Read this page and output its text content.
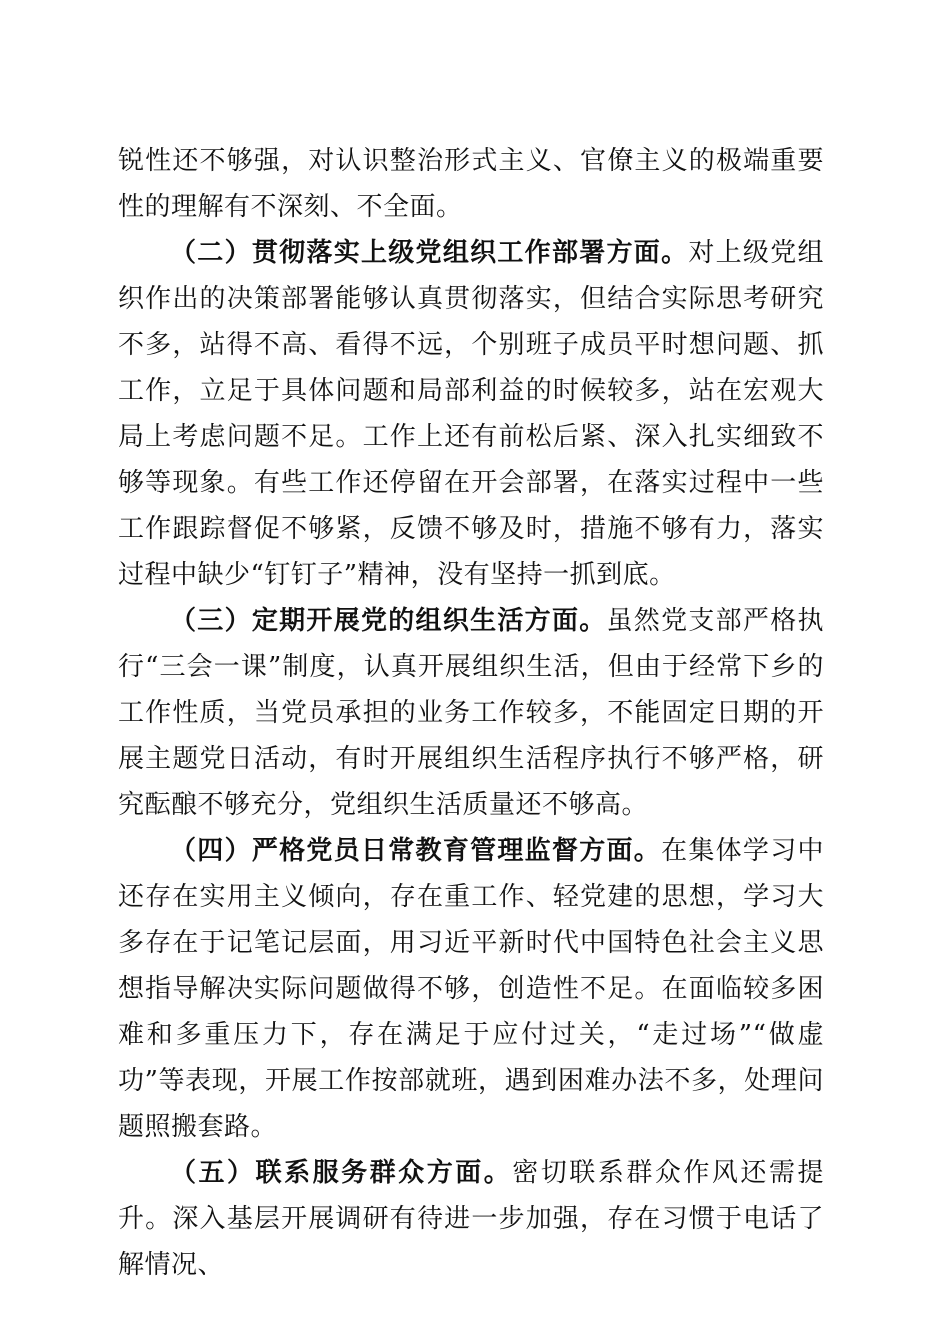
锐性还不够强，对认识整治形式主义、官僚主义的极端重要性的理解有不深刻、不全面。

（二）贯彻落实上级党组织工作部署方面。对上级党组织作出的决策部署能够认真贯彻落实，但结合实际思考研究不多，站得不高、看得不远，个别班子成员平时想问题、抓工作，立足于具体问题和局部利益的时候较多，站在宏观大局上考虑问题不足。工作上还有前松后紧、深入扎实细致不够等现象。有些工作还停留在开会部署，在落实过程中一些工作跟踪督促不够紧，反馈不够及时，措施不够有力，落实过程中缺少“钉钉子”精神，没有坚持一抓到底。

（三）定期开展党的组织生活方面。虽然党支部严格执行“三会一课”制度，认真开展组织生活，但由于经常下乡的工作性质，当党员承担的业务工作较多，不能固定日期的开展主题党日活动，有时开展组织生活程序执行不够严格，研究酝酿不够充分，党组织生活质量还不够高。

（四）严格党员日常教育管理监督方面。在集体学习中还存在实用主义倾向，存在重工作、轻党建的思想，学习大多存在于记笔记层面，用习近平新时代中国特色社会主义思想指导解决实际问题做得不够，创造性不足。在面临较多困难和多重压力下，存在满足于应付过关，“走过场”“做虚功”等表现，开展工作按部就班，遇到困难办法不多，处理问题照搬套路。

（五）联系服务群众方面。密切联系群众作风还需提升。深入基层开展调研有待进一步加强，存在习惯于电话了解情况、
